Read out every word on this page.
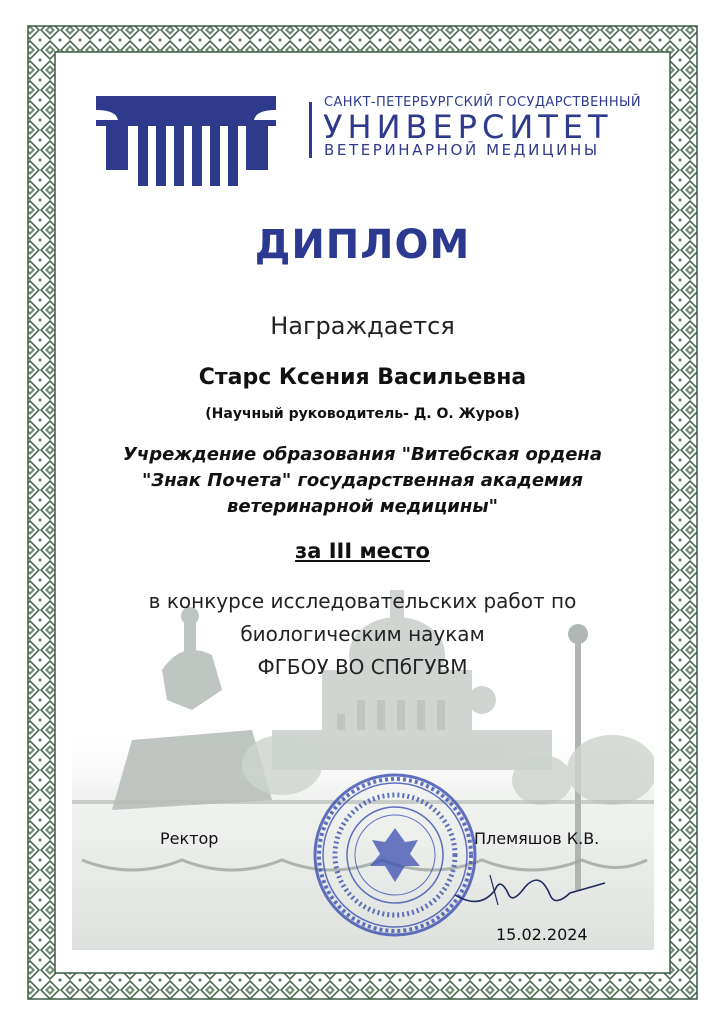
САНКТ-ПЕТЕРБУРГСКИЙ ГОСУДАРСТВЕННЫЙ
УНИВЕРСИТЕТ
ВЕТЕРИНАРНОЙ МЕДИЦИНЫ
ДИПЛОМ
Награждается
Старс Ксения Васильевна
(Научный руководитель- Д. О. Журов)
Учреждение образования "Витебская ордена "Знак Почета" государственная академия ветеринарной медицины"
за III место
в конкурсе исследовательских работ по
биологическим наукам
ФГБОУ ВО СПбГУВМ
Ректор	Племяшов К.В.
15.02.2024
